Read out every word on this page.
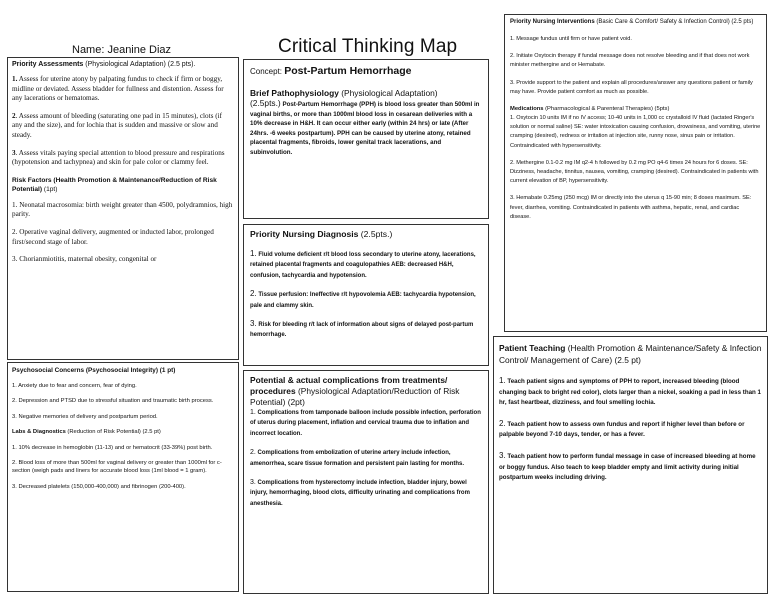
Name: Jeanine Diaz	Critical Thinking Map
Priority Assessments (Physiological Adaptation) (2.5 pts).
1. Assess for uterine atony by palpating fundus to check if firm or boggy, midline or deviated. Assess bladder for fullness and distention. Assess for any lacerations or hematomas.
2. Assess amount of bleeding (saturating one pad in 15 minutes), clots (if any and the size), and for lochia that is sudden and massive or slow and steady.
3. Assess vitals paying special attention to blood pressure and respirations (hypotension and tachypnea) and skin for pale color or clammy feel.
Risk Factors (Health Promotion & Maintenance/Reduction of Risk Potential) (1pt)
1. Neonatal macrosomia: birth weight greater than 4500, polydramnios, high parity.
2. Operative vaginal delivery, augmented or inducted labor, prolonged first/second stage of labor.
3. Chorianmiotitis, maternal obesity, congenital or
Psychosocial Concerns (Psychosocial Integrity) (1 pt)
1. Anxiety due to fear and concern, fear of dying.
2. Depression and PTSD due to stressful situation and traumatic birth process.
3. Negative memories of delivery and postpartum period.
Labs & Diagnostics (Reduction of Risk Potential) (2.5 pt)
1. 10% decrease in hemoglobin (11-13) and or hematocrit (33-39%) post birth.
2. Blood loss of more than 500ml for vaginal delivery or greater than 1000ml for c-section (weigh pads and liners for accurate blood loss (1ml blood = 1 gram).
3. Decreased platelets (150,000-400,000) and fibrinogen (200-400).
Concept: Post-Partum Hemorrhage
Brief Pathophysiology (Physiological Adaptation)
(2.5pts.) Post-Partum Hemorrhage (PPH) is blood loss greater than 500ml in vaginal births, or more than 1000ml blood loss in cesarean deliveries with a 10% decrease in H&H. It can occur either early (within 24 hrs) or late (After 24hrs. -6 weeks postpartum). PPH can be caused by uterine atony, retained placental fragments, fibroids, lower genital track lacerations, and subinvolution.
Priority Nursing Diagnosis (2.5pts.)
1. Fluid volume deficient r/t blood loss secondary to uterine atony, lacerations, retained placental fragments and coagulopathies AEB: decreased H&H, confusion, tachycardia and hypotension.
2. Tissue perfusion: Ineffective r/t hypovolemia AEB: tachycardia hypotension, pale and clammy skin.
3. Risk for bleeding r/t lack of information about signs of delayed post-partum hemorrhage.
Potential & actual complications from treatments/ procedures (Physiological Adaptation/Reduction of Risk Potential) (2pt)
1. Complications from tamponade balloon include possible infection, perforation of uterus during placement, inflation and cervical trauma due to inflation and incorrect location.
2. Complications from embolization of uterine artery include infection, amenorrhea, scare tissue formation and persistent pain lasting for months.
3. Complications from hysterectomy include infection, bladder injury, bowel injury, hemorrhaging, blood clots, difficulty urinating and complications from anesthesia.
Priority Nursing Interventions (Basic Care & Comfort/ Safety & Infection Control) (2.5 pts)
1. Message fundus until firm or have patient void.
2. Initiate Oxytocin therapy if fundal message does not resolve bleeding and if that does not work minister methergine and or Hemabate.
3. Provide support to the patient and explain all procedures/answer any questions patient or family may have. Provide patient comfort as much as possible.
Medications (Pharmacological & Parenteral Therapies) (5pts)
1. Oxytocin 10 units IM if no IV access; 10-40 units in 1,000 cc crystalloid IV fluid (lactated Ringer's solution or normal saline) SE: water intoxication causing confusion, drowsiness, and vomiting, uterine cramping (desired), redness or irritation at injection site, runny nose, sinus pain or irritation. Contraindicated with hypersensitivity.
2. Methergine 0.1-0.2 mg IM q2-4 h followed by 0.2 mg PO q4-6 times 24 hours for 6 doses. SE: Dizziness, headache, tinnitus, nausea, vomiting, cramping (desired). Contraindicated in patients with current elevation of BP, hypersensitivity.
3. Hemabate 0.25mg (250 mcg) IM or directly into the uterus q 15-90 min; 8 doses maximum. SE: fever, diarrhea, vomiting. Contraindicated in patients with asthma, hepatic, renal, and cardiac disease.
Patient Teaching (Health Promotion & Maintenance/Safety & Infection Control/ Management of Care) (2.5 pt)
1. Teach patient signs and symptoms of PPH to report, increased bleeding (blood changing back to bright red color), clots larger than a nickel, soaking a pad in less than 1 hr, fast heartbeat, dizziness, and foul smelling lochia.
2. Teach patient how to assess own fundus and report if higher level than before or palpable beyond 7-10 days, tender, or has a fever.
3. Teach patient how to perform fundal message in case of increased bleeding at home or boggy fundus. Also teach to keep bladder empty and limit activity during initial postpartum weeks including driving.
